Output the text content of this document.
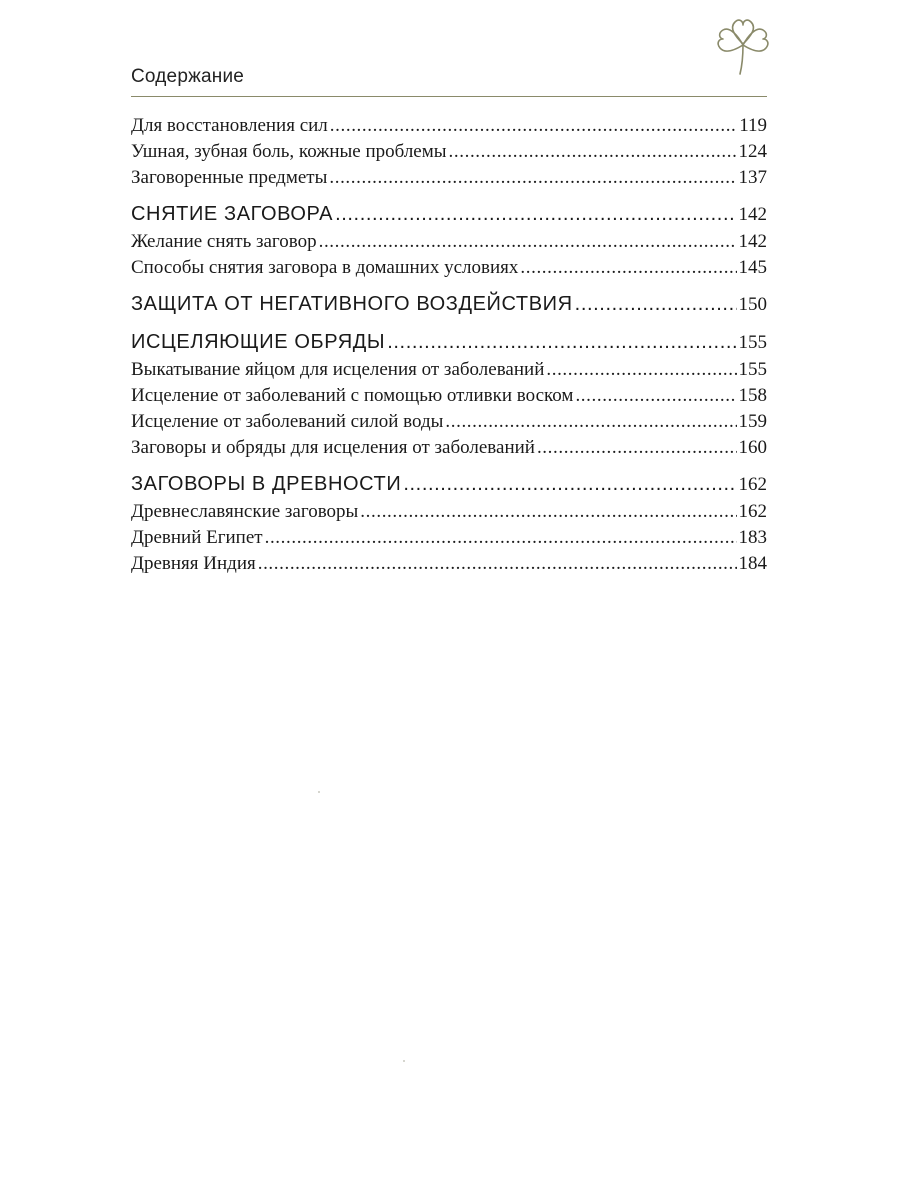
Содержание
Для восстановления сил .....	119
Ушная, зубная боль, кожные проблемы .....	124
Заговоренные предметы .....	137
СНЯТИЕ ЗАГОВОРА .....	142
Желание снять заговор .....	142
Способы снятия заговора в домашних условиях .....	145
ЗАЩИТА ОТ НЕГАТИВНОГО ВОЗДЕЙСТВИЯ .....	150
ИСЦЕЛЯЮЩИЕ ОБРЯДЫ .....	155
Выкатывание яйцом для исцеления от заболеваний .....	155
Исцеление от заболеваний с помощью отливки воском .....	158
Исцеление от заболеваний силой воды .....	159
Заговоры и обряды для исцеления от заболеваний .....	160
ЗАГОВОРЫ В ДРЕВНОСТИ .....	162
Древнеславянские заговоры .....	162
Древний Египет .....	183
Древняя Индия .....	184
